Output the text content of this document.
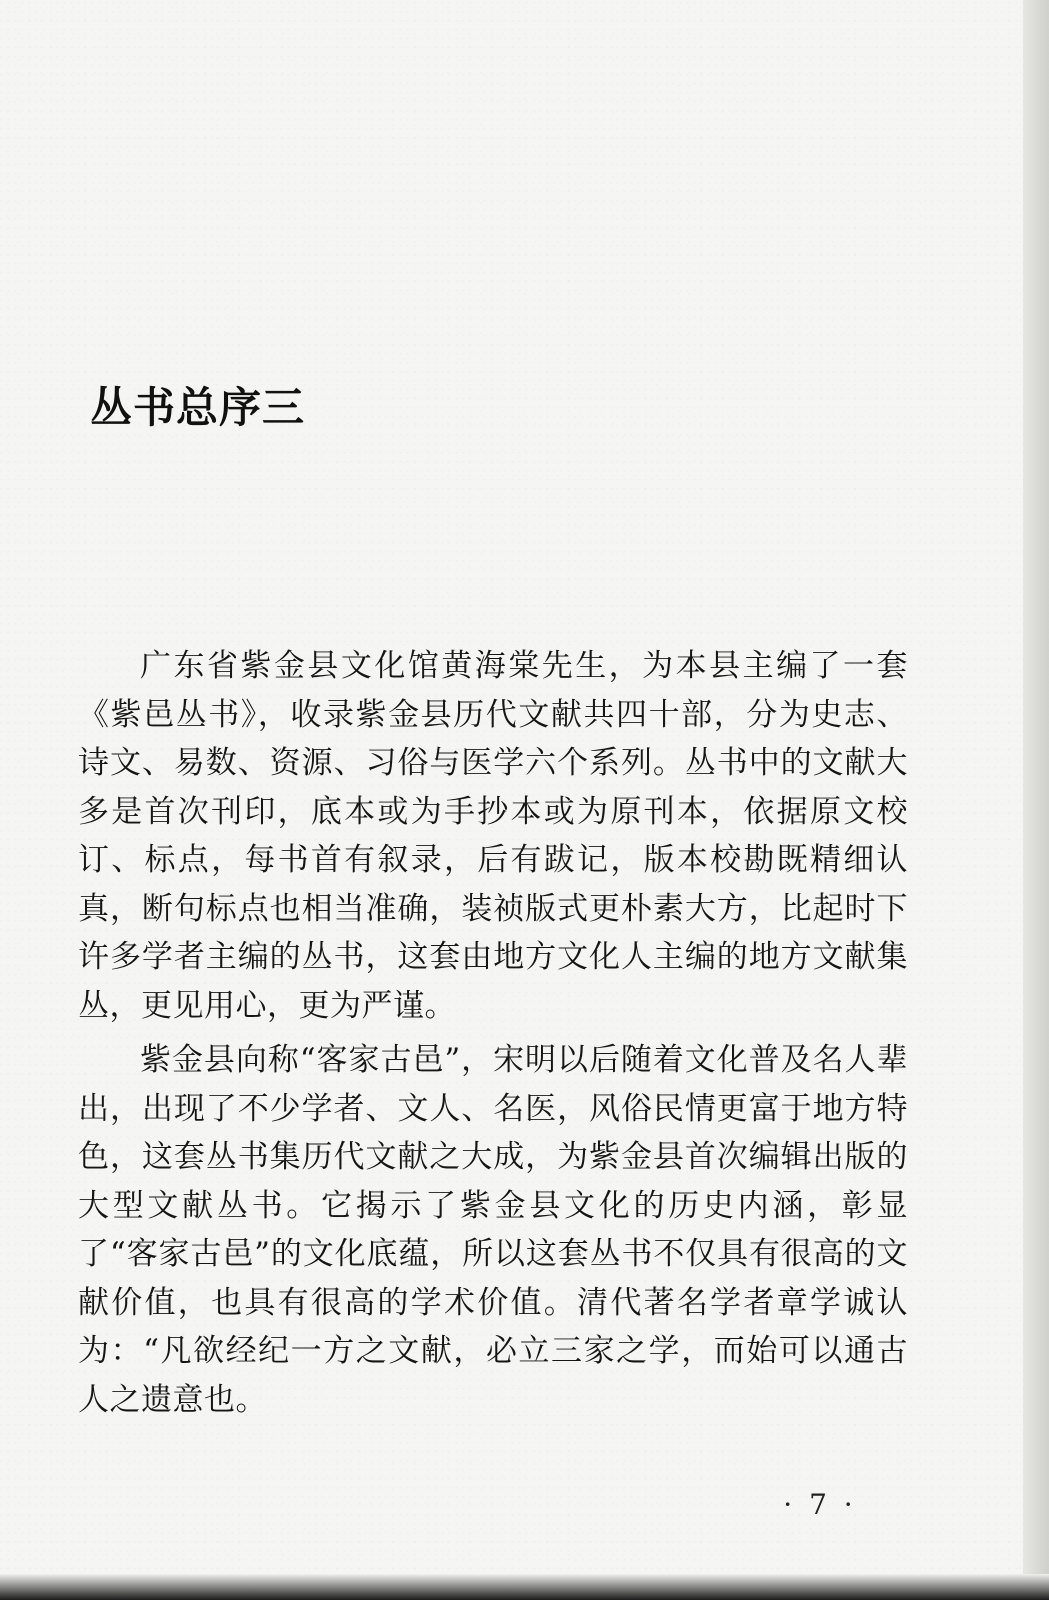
丛书总序三

广东省紫金县文化馆黄海棠先生，为本县主编了一套《紫邑丛书》，收录紫金县历代文献共四十部，分为史志、诗文、易数、资源、习俗与医学六个系列。丛书中的文献大多是首次刊印，底本或为手抄本或为原刊本，依据原文校订、标点，每书首有叙录，后有跋记，版本校勘既精细认真，断句标点也相当准确，装祯版式更朴素大方，比起时下许多学者主编的丛书，这套由地方文化人主编的地方文献集丛，更见用心，更为严谨。

紫金县向称“客家古邑”，宋明以后随着文化普及名人辈出，出现了不少学者、文人、名医，风俗民情更富于地方特色，这套丛书集历代文献之大成，为紫金县首次编辑出版的大型文献丛书。它揭示了紫金县文化的历史内涵，彰显了“客家古邑”的文化底蕴，所以这套丛书不仅具有很高的文献价值，也具有很高的学术价值。清代著名学者章学诚认为：“凡欲经纪一方之文献，必立三家之学，而始可以通古人之遗意也。

· 7 ·
